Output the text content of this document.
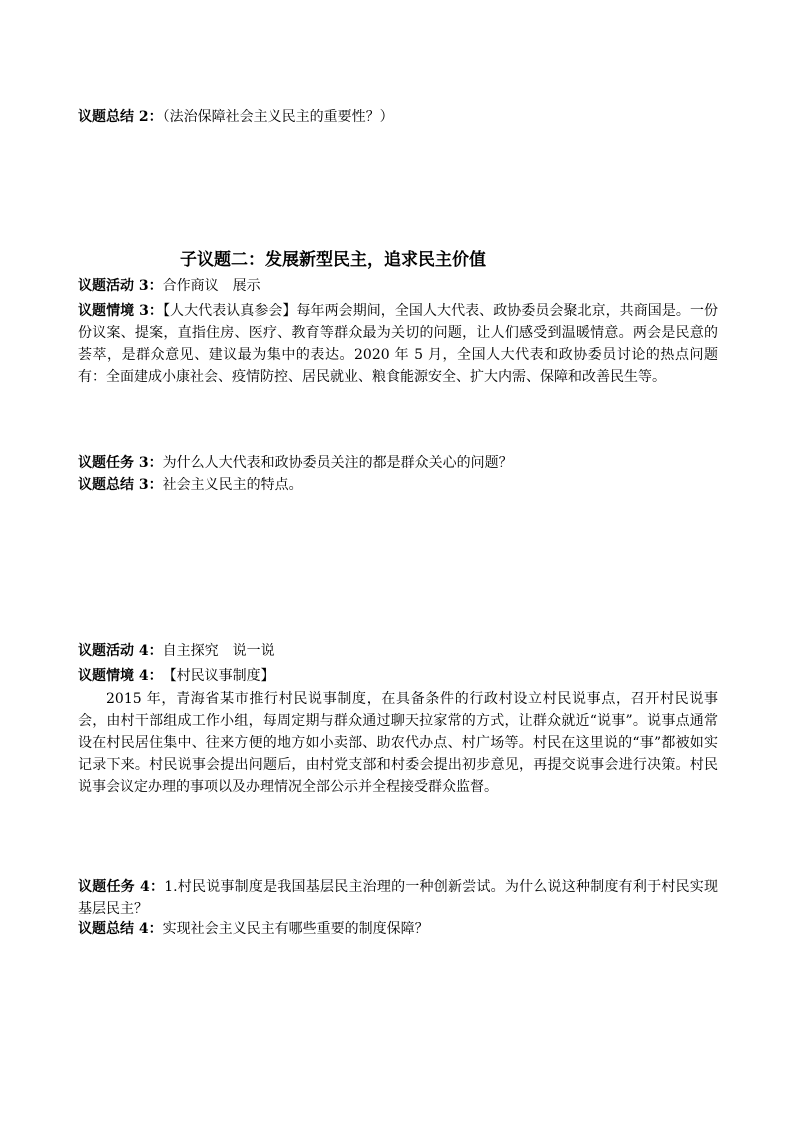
议题总结 2：（法治保障社会主义民主的重要性？）

子议题二：发展新型民主，追求民主价值

议题活动 3：合作商议　展示

议题情境 3：【人大代表认真参会】每年两会期间，全国人大代表、政协委员会聚北京，共商国是。一份份议案、提案，直指住房、医疗、教育等群众最为关切的问题，让人们感受到温暖情意。两会是民意的荟萃，是群众意见、建议最为集中的表达。2020 年 5 月，全国人大代表和政协委员讨论的热点问题有：全面建成小康社会、疫情防控、居民就业、粮食能源安全、扩大内需、保障和改善民生等。

议题任务 3：为什么人大代表和政协委员关注的都是群众关心的问题？

议题总结 3：社会主义民主的特点。

议题活动 4：自主探究　说一说

议题情境 4：　【村民议事制度】

2015 年，青海省某市推行村民说事制度，在具备条件的行政村设立村民说事点，召开村民说事会，由村干部组成工作小组，每周定期与群众通过聊天拉家常的方式，让群众就近“说事”。说事点通常设在村民居住集中、往来方便的地方如小卖部、助农代办点、村广场等。村民在这里说的“事”都被如实记录下来。村民说事会提出问题后，由村党支部和村委会提出初步意见，再提交说事会进行决策。村民说事会议定办理的事项以及办理情况全部公示并全程接受群众监督。

议题任务 4：1.村民说事制度是我国基层民主治理的一种创新尝试。为什么说这种制度有利于村民实现基层民主？

议题总结 4：实现社会主义民主有哪些重要的制度保障？
